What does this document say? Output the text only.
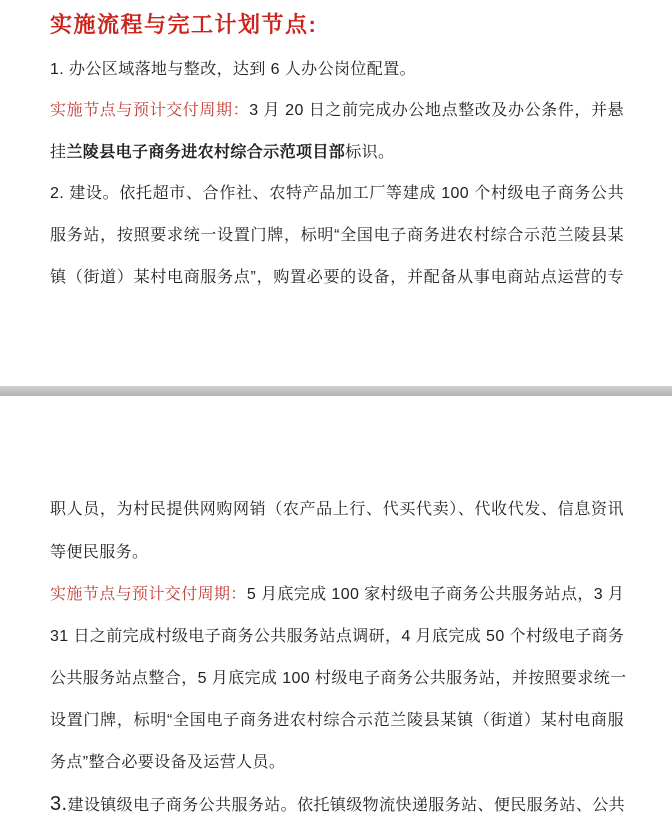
实施流程与完工计划节点:
1. 办公区域落地与整改，达到 6 人办公岗位配置。
实施节点与预计交付周期：3 月 20 日之前完成办公地点整改及办公条件，并悬
挂兰陵县电子商务进农村综合示范项目部标识。
2. 建设。依托超市、合作社、农特产品加工厂等建成 100 个村级电子商务公共
服务站，按照要求统一设置门牌，标明“全国电子商务进农村综合示范兰陵县某
镇（街道）某村电商服务点”，购置必要的设备，并配备从事电商站点运营的专
职人员，为村民提供网购网销（农产品上行、代买代卖）、代收代发、信息资讯
等便民服务。
实施节点与预计交付周期：5 月底完成 100 家村级电子商务公共服务站点，3 月
31 日之前完成村级电子商务公共服务站点调研，4 月底完成 50 个村级电子商务
公共服务站点整合，5 月底完成 100 村级电子商务公共服务站，并按照要求统一
设置门牌，标明“全国电子商务进农村综合示范兰陵县某镇（街道）某村电商服
务点”整合必要设备及运营人员。
3.建设镇级电子商务公共服务站。依托镇级物流快递服务站、便民服务站、公共
